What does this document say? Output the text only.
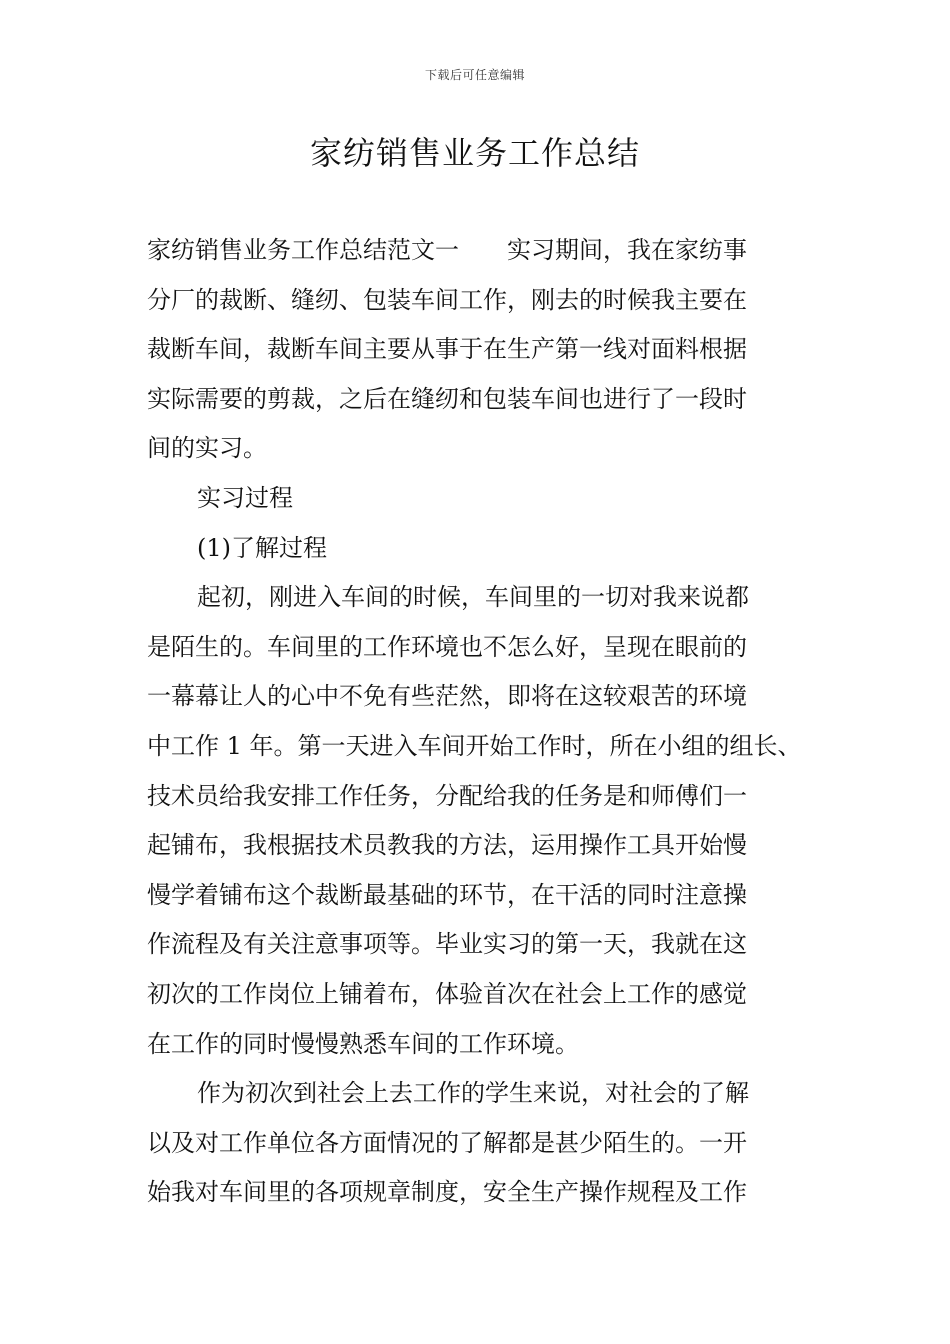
下载后可任意编辑
家纺销售业务工作总结
家纺销售业务工作总结范文一 实习期间，我在家纺事
分厂的裁断、缝纫、包装车间工作，刚去的时候我主要在
裁断车间，裁断车间主要从事于在生产第一线对面料根据
实际需要的剪裁，之后在缝纫和包装车间也进行了一段时
间的实习。
实习过程
(1)了解过程
起初，刚进入车间的时候，车间里的一切对我来说都
是陌生的。车间里的工作环境也不怎么好，呈现在眼前的
一幕幕让人的心中不免有些茫然，即将在这较艰苦的环境
中工作 1 年。第一天进入车间开始工作时，所在小组的组长、
技术员给我安排工作任务，分配给我的任务是和师傅们一
起铺布，我根据技术员教我的方法，运用操作工具开始慢
慢学着铺布这个裁断最基础的环节，在干活的同时注意操
作流程及有关注意事项等。毕业实习的第一天，我就在这
初次的工作岗位上铺着布，体验首次在社会上工作的感觉
在工作的同时慢慢熟悉车间的工作环境。
作为初次到社会上去工作的学生来说，对社会的了解
以及对工作单位各方面情况的了解都是甚少陌生的。一开
始我对车间里的各项规章制度，安全生产操作规程及工作
